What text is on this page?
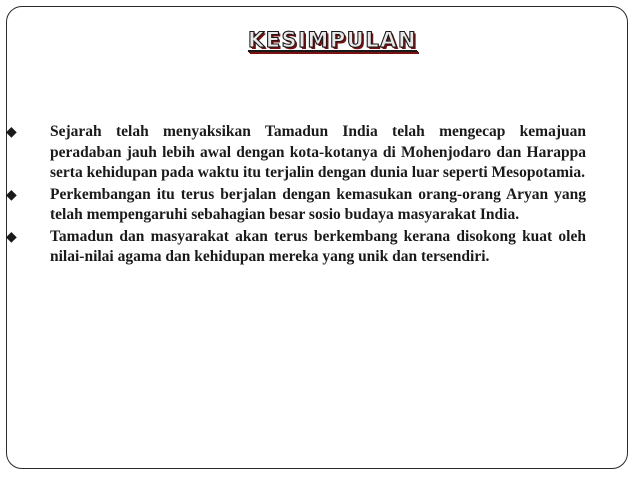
KESIMPULAN
◆	Sejarah telah menyaksikan Tamadun India telah mengecap kemajuan peradaban jauh lebih awal dengan kota-kotanya di Mohenjodaro dan Harappa serta kehidupan pada waktu itu terjalin dengan dunia luar seperti Mesopotamia.
◆	Perkembangan itu terus berjalan dengan kemasukan orang-orang Aryan yang telah mempengaruhi sebahagian besar sosio budaya masyarakat India.
◆	Tamadun dan masyarakat akan terus berkembang kerana disokong kuat oleh nilai-nilai agama dan kehidupan mereka yang unik dan tersendiri.
